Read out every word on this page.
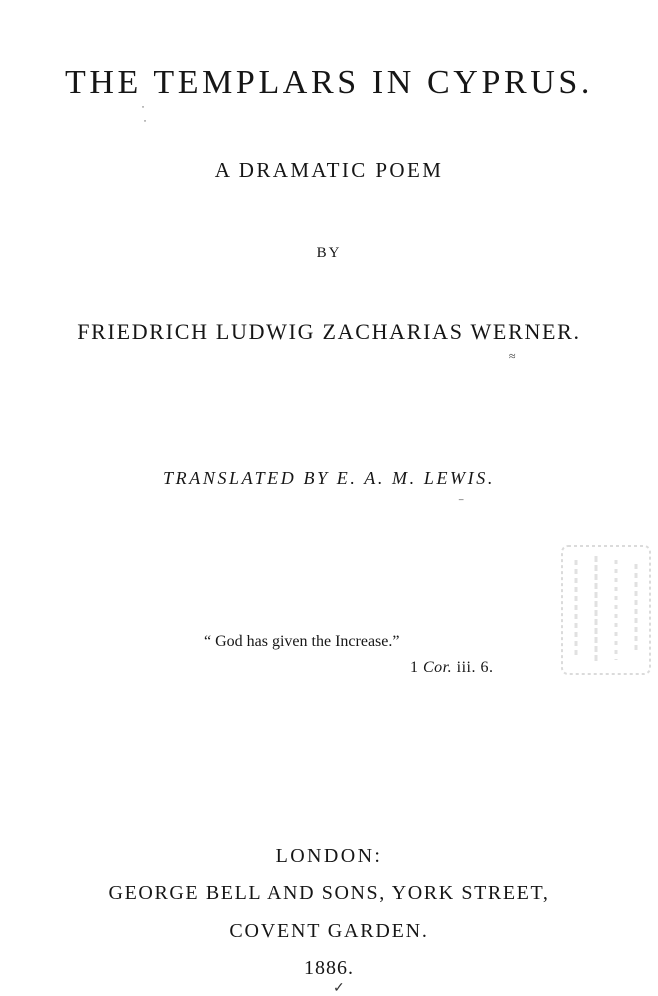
THE TEMPLARS IN CYPRUS.
˙
˙
A DRAMATIC POEM
BY
FRIEDRICH LUDWIG ZACHARIAS WERNER.
≈
TRANSLATED BY E. A. M. LEWIS.
⁻
“ God has given the Increase.”
1 Cor. iii. 6.
LONDON:
GEORGE BELL AND SONS, YORK STREET,
COVENT GARDEN.
1886.
✓
